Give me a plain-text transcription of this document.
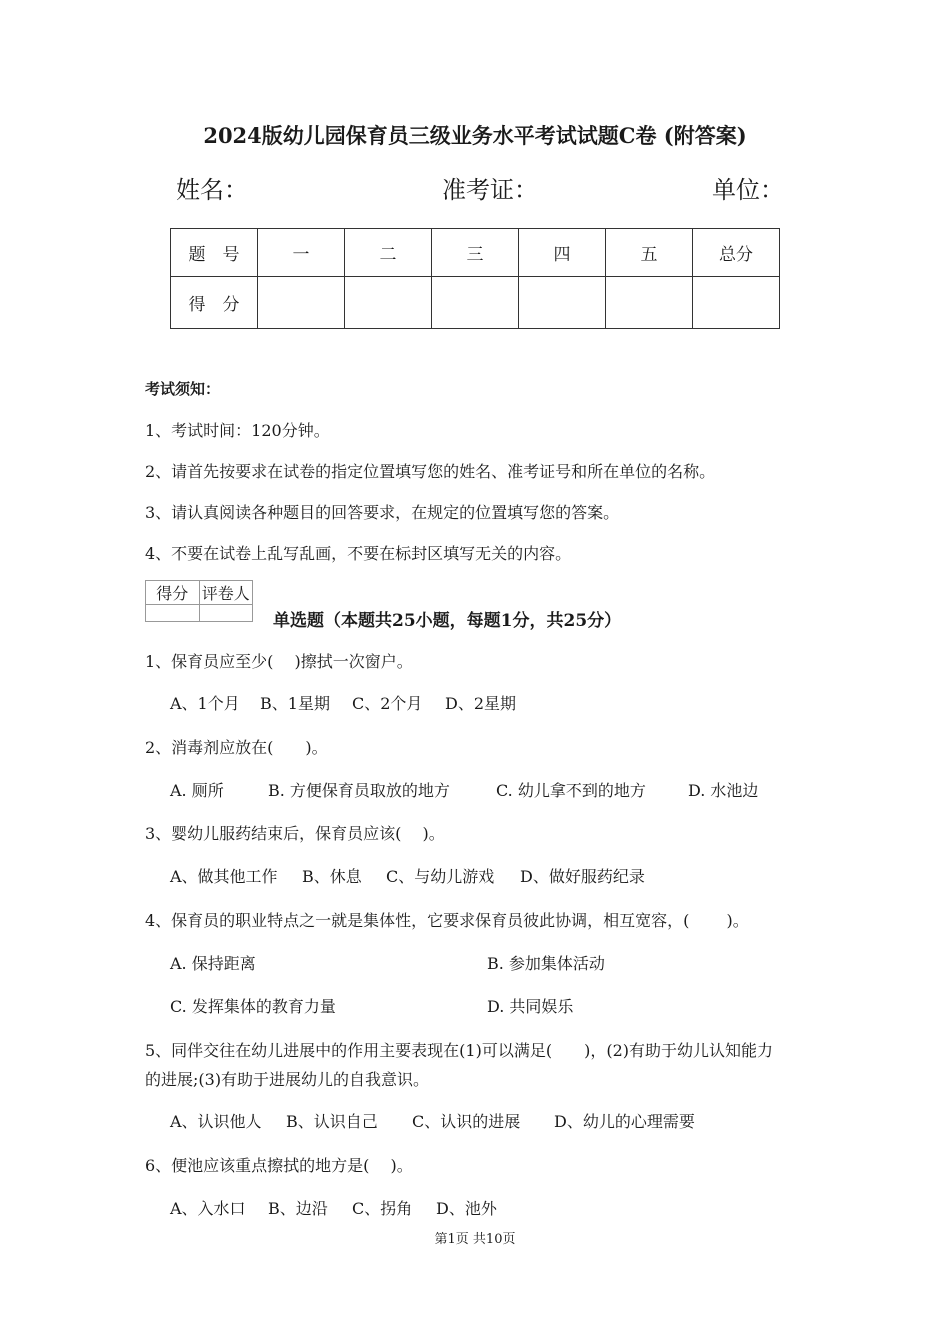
2024版幼儿园保育员三级业务水平考试试题C卷 (附答案)
姓名：	准考证：	单位：
题　号	一	二	三	四	五	总分
得　分						
考试须知：
1、考试时间：120分钟。
2、请首先按要求在试卷的指定位置填写您的姓名、准考证号和所在单位的名称。
3、请认真阅读各种题目的回答要求，在规定的位置填写您的答案。
4、不要在试卷上乱写乱画，不要在标封区填写无关的内容。
得分	评卷人

单选题（本题共25小题，每题1分，共25分）
1、保育员应至少(　 )擦拭一次窗户。
A、1个月 B、1星期 C、2个月 D、2星期
2、消毒剂应放在(　　)。
A. 厕所	B. 方便保育员取放的地方	C. 幼儿拿不到的地方	D. 水池边
3、婴幼儿服药结束后，保育员应该(　 )。
A、做其他工作 B、休息 C、与幼儿游戏 D、做好服药纪录
4、保育员的职业特点之一就是集体性，它要求保育员彼此协调，相互宽容，(　　 )。
A. 保持距离	B. 参加集体活动
C. 发挥集体的教育力量	D. 共同娱乐
5、同伴交往在幼儿进展中的作用主要表现在(1)可以满足(　　)，(2)有助于幼儿认知能力
的进展;(3)有助于进展幼儿的自我意识。
A、认识他人 B、认识自己 C、认识的进展 D、幼儿的心理需要
6、便池应该重点擦拭的地方是(　 )。
A、入水口 B、边沿 C、拐角 D、池外
第1页 共10页
